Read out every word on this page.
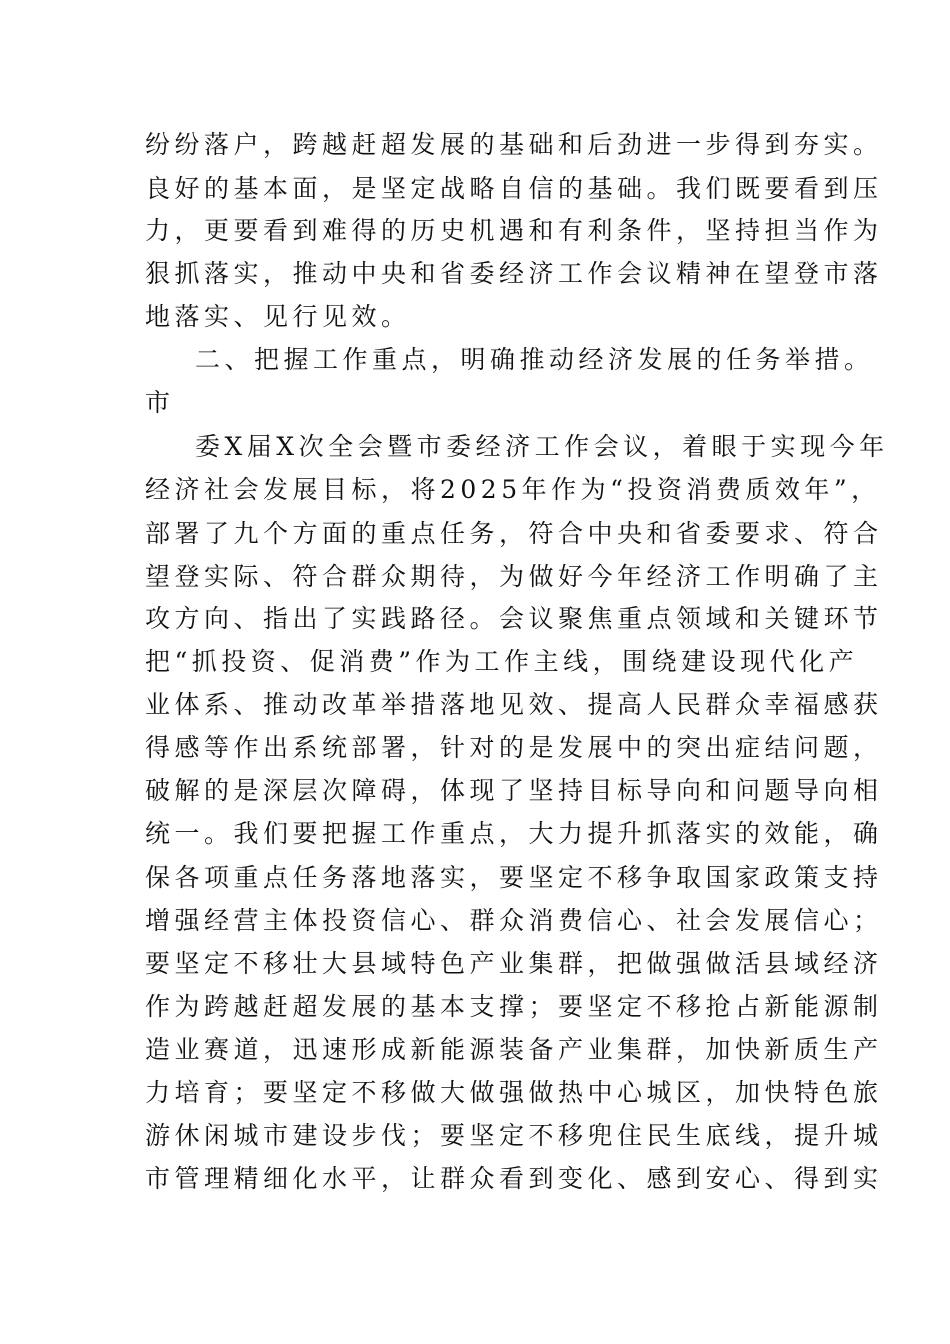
纷纷落户，跨越赶超发展的基础和后劲进一步得到夯实。
良好的基本面，是坚定战略自信的基础。我们既要看到压
力，更要看到难得的历史机遇和有利条件，坚持担当作为
狠抓落实，推动中央和省委经济工作会议精神在望登市落
地落实、见行见效。
二、把握工作重点，明确推动经济发展的任务举措。
市
委X届X次全会暨市委经济工作会议，着眼于实现今年
经济社会发展目标，将2025年作为“投资消费质效年”，
部署了九个方面的重点任务，符合中央和省委要求、符合
望登实际、符合群众期待，为做好今年经济工作明确了主
攻方向、指出了实践路径。会议聚焦重点领域和关键环节
把“抓投资、促消费”作为工作主线，围绕建设现代化产
业体系、推动改革举措落地见效、提高人民群众幸福感获
得感等作出系统部署，针对的是发展中的突出症结问题，
破解的是深层次障碍，体现了坚持目标导向和问题导向相
统一。我们要把握工作重点，大力提升抓落实的效能，确
保各项重点任务落地落实，要坚定不移争取国家政策支持
增强经营主体投资信心、群众消费信心、社会发展信心；
要坚定不移壮大县域特色产业集群，把做强做活县域经济
作为跨越赶超发展的基本支撑；要坚定不移抢占新能源制
造业赛道，迅速形成新能源装备产业集群，加快新质生产
力培育；要坚定不移做大做强做热中心城区，加快特色旅
游休闲城市建设步伐；要坚定不移兜住民生底线，提升城
市管理精细化水平，让群众看到变化、感到安心、得到实
